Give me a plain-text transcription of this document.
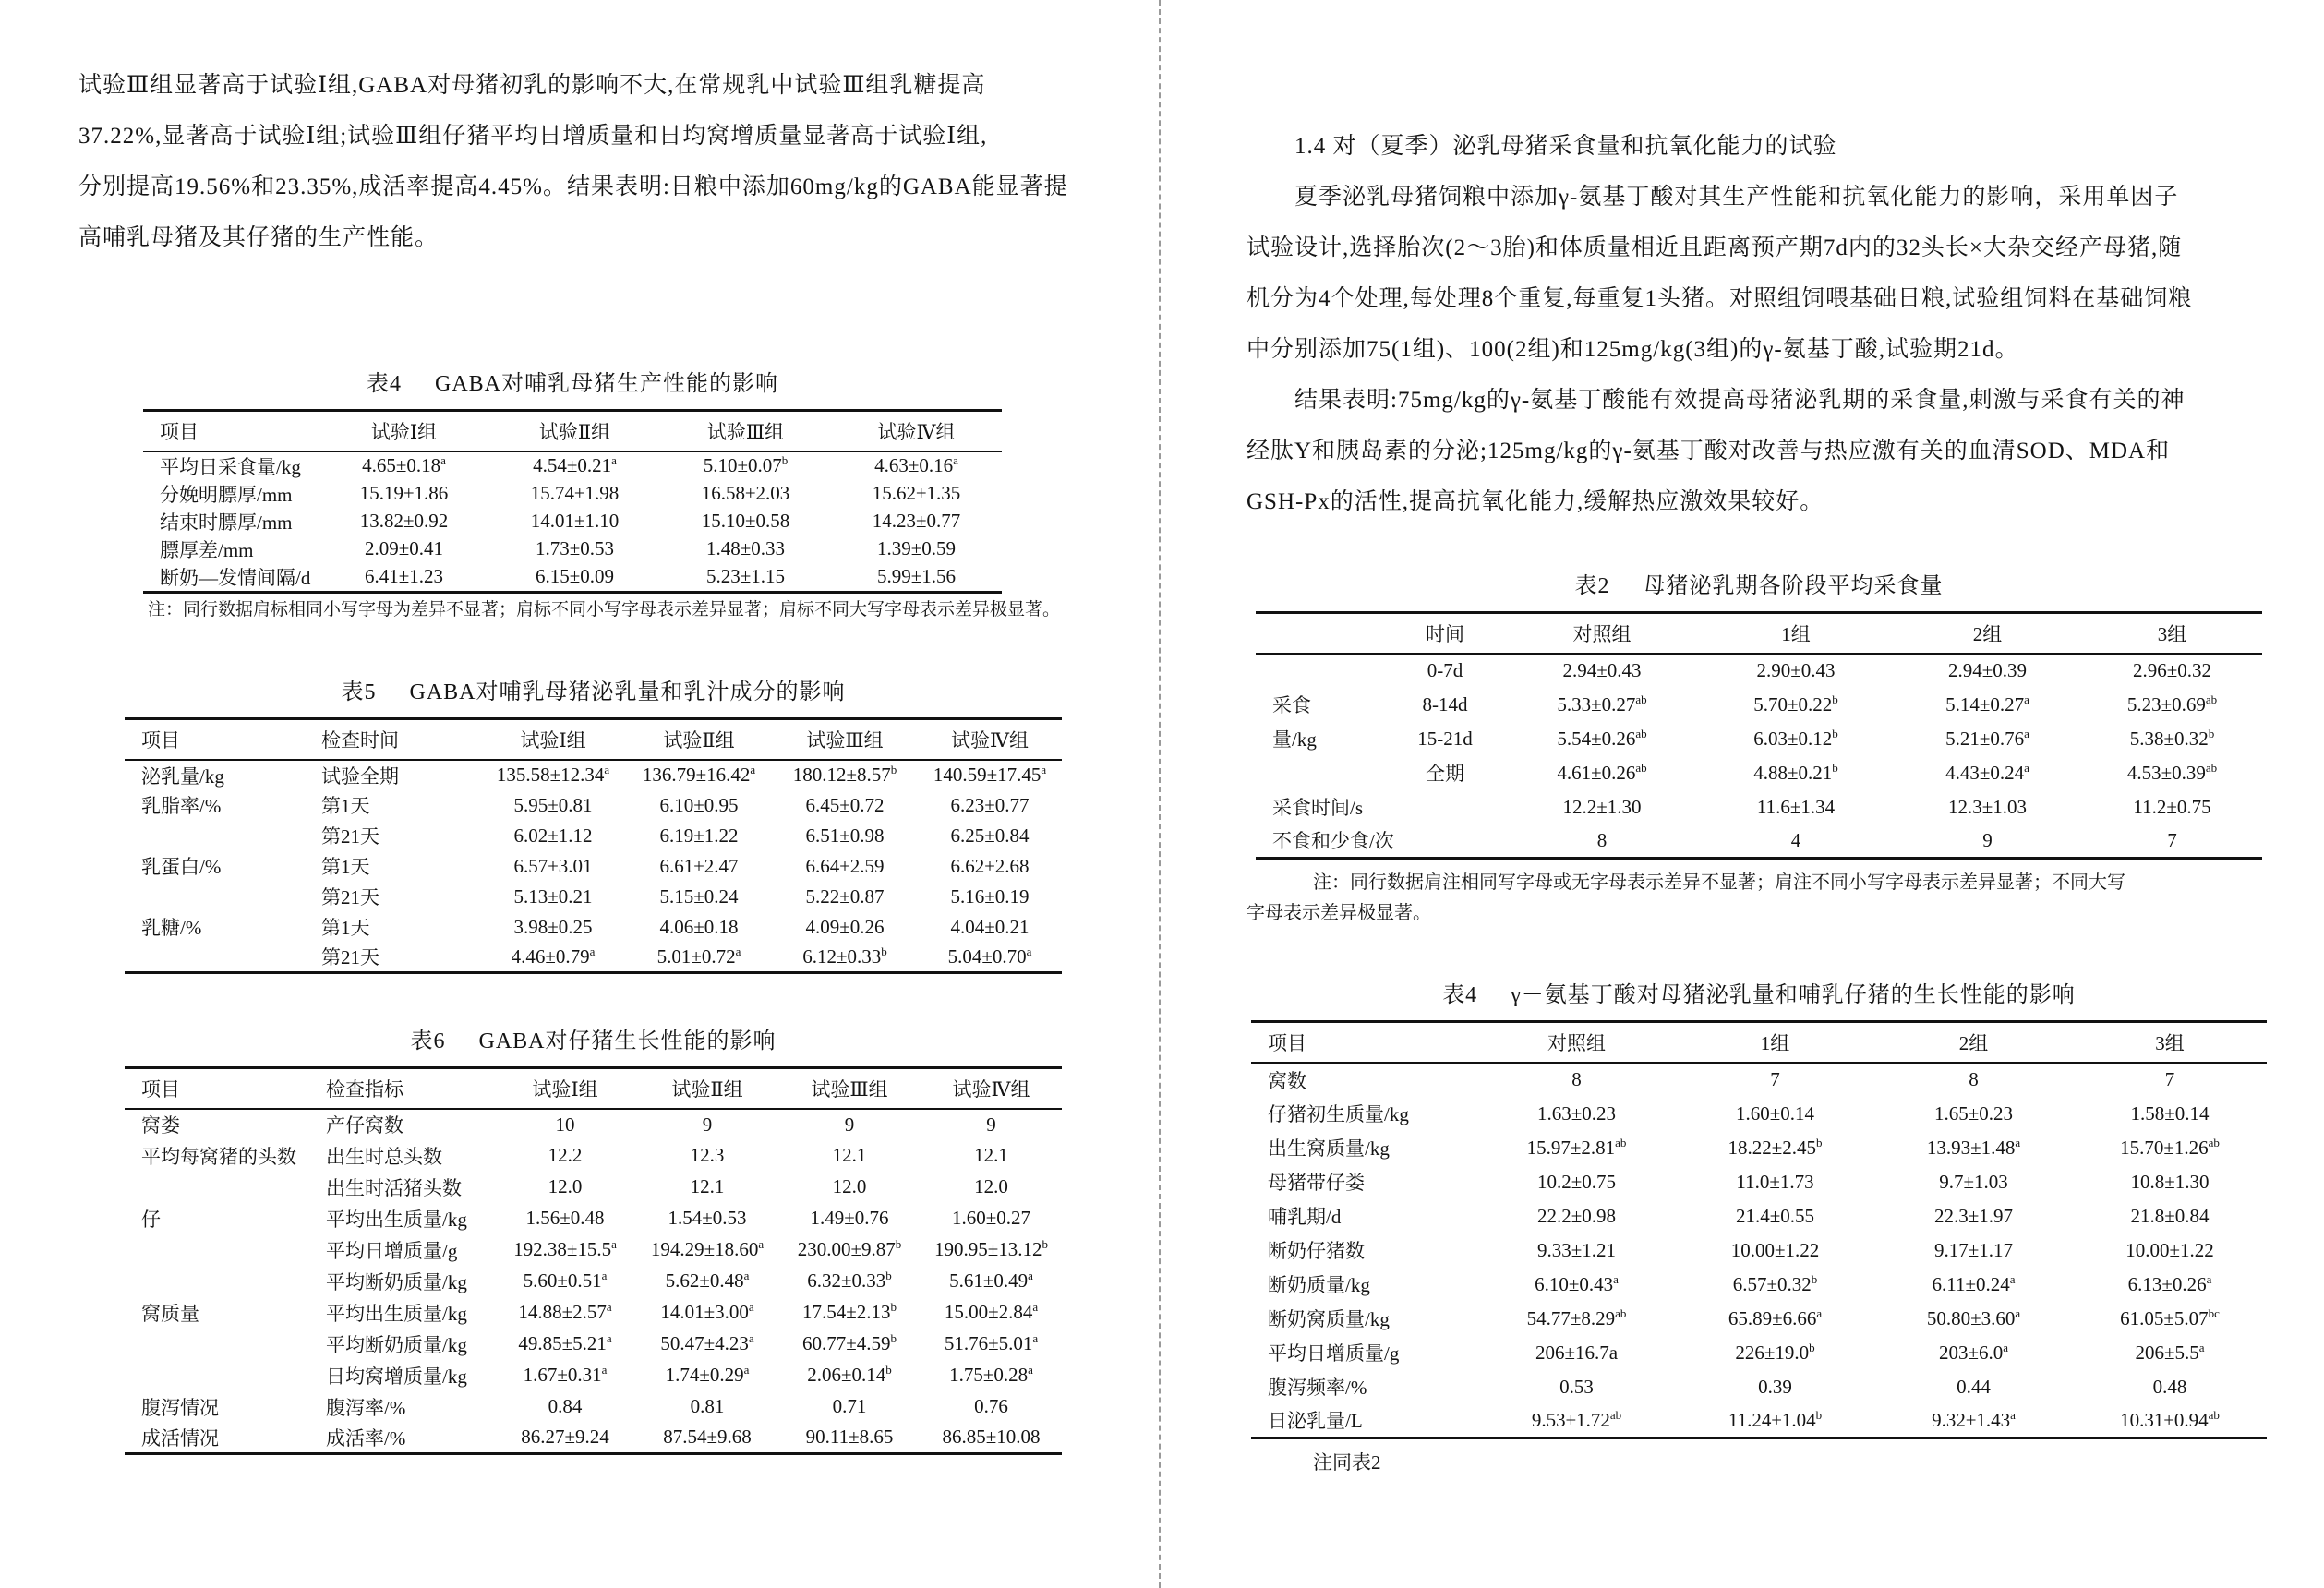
试验Ⅲ组显著高于试验Ⅰ组,GABA对母猪初乳的影响不大,在常规乳中试验Ⅲ组乳糖提高
37.22%,显著高于试验Ⅰ组;试验Ⅲ组仔猪平均日增质量和日均窝增质量显著高于试验Ⅰ组,
分别提高19.56%和23.35%,成活率提高4.45%。结果表明:日粮中添加60mg/kg的GABA能显著提
高哺乳母猪及其仔猪的生产性能。
表4 GABA对哺乳母猪生产性能的影响
项目	试验Ⅰ组	试验Ⅱ组	试验Ⅲ组	试验Ⅳ组
平均日采食量/kg	4.65±0.18$^a$	4.54±0.21$^a$	5.10±0.07$^b$	4.63±0.16$^a$
分娩明膘厚/mm	15.19±1.86	15.74±1.98	16.58±2.03	15.62±1.35
结束时膘厚/mm	13.82±0.92	14.01±1.10	15.10±0.58	14.23±0.77
膘厚差/mm	2.09±0.41	1.73±0.53	1.48±0.33	1.39±0.59
断奶—发情间隔/d	6.41±1.23	6.15±0.09	5.23±1.15	5.99±1.56
注：同行数据肩标相同小写字母为差异不显著；肩标不同小写字母表示差异显著；肩标不同大写字母表示差异极显著。
表5 GABA对哺乳母猪泌乳量和乳汁成分的影响
项目	检查时间	试验Ⅰ组	试验Ⅱ组	试验Ⅲ组	试验Ⅳ组
泌乳量/kg	试验全期	135.58±12.34$^a$	136.79±16.42$^a$	180.12±8.57$^b$	140.59±17.45$^a$
乳脂率/%	第1天	5.95±0.81	6.10±0.95	6.45±0.72	6.23±0.77
	第21天	6.02±1.12	6.19±1.22	6.51±0.98	6.25±0.84
乳蛋白/%	第1天	6.57±3.01	6.61±2.47	6.64±2.59	6.62±2.68
	第21天	5.13±0.21	5.15±0.24	5.22±0.87	5.16±0.19
乳糖/%	第1天	3.98±0.25	4.06±0.18	4.09±0.26	4.04±0.21
	第21天	4.46±0.79$^a$	5.01±0.72$^a$	6.12±0.33$^b$	5.04±0.70$^a$
表6 GABA对仔猪生长性能的影响
项目	检查指标	试验Ⅰ组	试验Ⅱ组	试验Ⅲ组	试验Ⅳ组
窝娄	产仔窝数	10	9	9	9
平均每窝猪的头数	出生时总头数	12.2	12.3	12.1	12.1
	出生时活猪头数	12.0	12.1	12.0	12.0
仔	平均出生质量/kg	1.56±0.48	1.54±0.53	1.49±0.76	1.60±0.27
	平均日增质量/g	192.38±15.5$^a$	194.29±18.60$^a$	230.00±9.87$^b$	190.95±13.12$^b$
	平均断奶质量/kg	5.60±0.51$^a$	5.62±0.48$^a$	6.32±0.33$^b$	5.61±0.49$^a$
窝质量	平均出生质量/kg	14.88±2.57$^a$	14.01±3.00$^a$	17.54±2.13$^b$	15.00±2.84$^a$
	平均断奶质量/kg	49.85±5.21$^a$	50.47±4.23$^a$	60.77±4.59$^b$	51.76±5.01$^a$
	日均窝增质量/kg	1.67±0.31$^a$	1.74±0.29$^a$	2.06±0.14$^b$	1.75±0.28$^a$
腹泻情况	腹泻率/%	0.84	0.81	0.71	0.76
成活情况	成活率/%	86.27±9.24	87.54±9.68	90.11±8.65	86.85±10.08
　　1.4 对（夏季）泌乳母猪采食量和抗氧化能力的试验
　　夏季泌乳母猪饲粮中添加γ-氨基丁酸对其生产性能和抗氧化能力的影响，采用单因子
试验设计,选择胎次(2～3胎)和体质量相近且距离预产期7d内的32头长×大杂交经产母猪,随
机分为4个处理,每处理8个重复,每重复1头猪。对照组饲喂基础日粮,试验组饲料在基础饲粮
中分别添加75(1组)、100(2组)和125mg/kg(3组)的γ-氨基丁酸,试验期21d。
　　结果表明:75mg/kg的γ-氨基丁酸能有效提高母猪泌乳期的采食量,刺激与采食有关的神
经肽Y和胰岛素的分泌;125mg/kg的γ-氨基丁酸对改善与热应激有关的血清SOD、MDA和
GSH-Px的活性,提高抗氧化能力,缓解热应激效果较好。
表2 母猪泌乳期各阶段平均采食量
	时间	对照组	1组	2组	3组
	0-7d	2.94±0.43	2.90±0.43	2.94±0.39	2.96±0.32
采食	8-14d	5.33±0.27$^{ab}$	5.70±0.22$^b$	5.14±0.27$^a$	5.23±0.69$^{ab}$
量/kg	15-21d	5.54±0.26$^{ab}$	6.03±0.12$^b$	5.21±0.76$^a$	5.38±0.32$^b$
	全期	4.61±0.26$^{ab}$	4.88±0.21$^b$	4.43±0.24$^a$	4.53±0.39$^{ab}$
采食时间/s		12.2±1.30	11.6±1.34	12.3±1.03	11.2±0.75
不食和少食/次		8	4	9	7
注：同行数据肩注相同写字母或无字母表示差异不显著；肩注不同小写字母表示差异显著；不同大写
字母表示差异极显著。
表4 γ－氨基丁酸对母猪泌乳量和哺乳仔猪的生长性能的影响
项目	对照组	1组	2组	3组
窝数	8	7	8	7
仔猪初生质量/kg	1.63±0.23	1.60±0.14	1.65±0.23	1.58±0.14
出生窝质量/kg	15.97±2.81$^{ab}$	18.22±2.45$^b$	13.93±1.48$^a$	15.70±1.26$^{ab}$
母猪带仔娄	10.2±0.75	11.0±1.73	9.7±1.03	10.8±1.30
哺乳期/d	22.2±0.98	21.4±0.55	22.3±1.97	21.8±0.84
断奶仔猪数	9.33±1.21	10.00±1.22	9.17±1.17	10.00±1.22
断奶质量/kg	6.10±0.43$^a$	6.57±0.32$^b$	6.11±0.24$^a$	6.13±0.26$^a$
断奶窝质量/kg	54.77±8.29$^{ab}$	65.89±6.66$^a$	50.80±3.60$^a$	61.05±5.07$^{bc}$
平均日增质量/g	206±16.7a	226±19.0$^b$	203±6.0$^a$	206±5.5$^a$
腹泻频率/%	0.53	0.39	0.44	0.48
日泌乳量/L	9.53±1.72$^{ab}$	11.24±1.04$^b$	9.32±1.43$^a$	10.31±0.94$^{ab}$
注同表2
